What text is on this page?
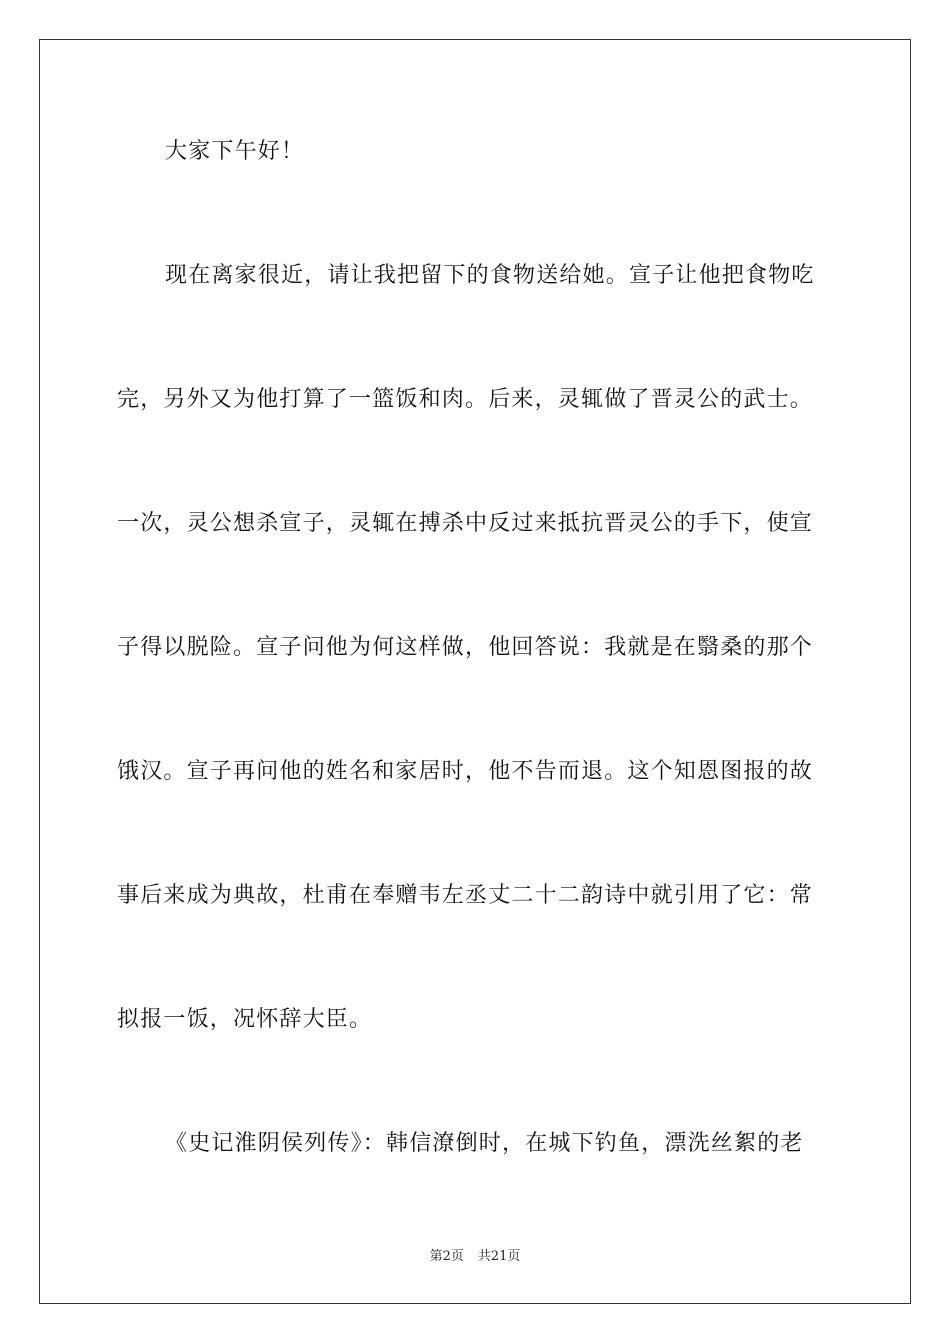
大家下午好！
现在离家很近，请让我把留下的食物送给她。宣子让他把食物吃
完，另外又为他打算了一篮饭和肉。后来，灵辄做了晋灵公的武士。
一次，灵公想杀宣子，灵辄在搏杀中反过来抵抗晋灵公的手下，使宣
子得以脱险。宣子问他为何这样做，他回答说：我就是在翳桑的那个
饿汉。宣子再问他的姓名和家居时，他不告而退。这个知恩图报的故
事后来成为典故，杜甫在奉赠韦左丞丈二十二韵诗中就引用了它：常
拟报一饭，况怀辞大臣。
《史记淮阴侯列传》：韩信潦倒时，在城下钓鱼，漂洗丝絮的老
第2页 共21页
